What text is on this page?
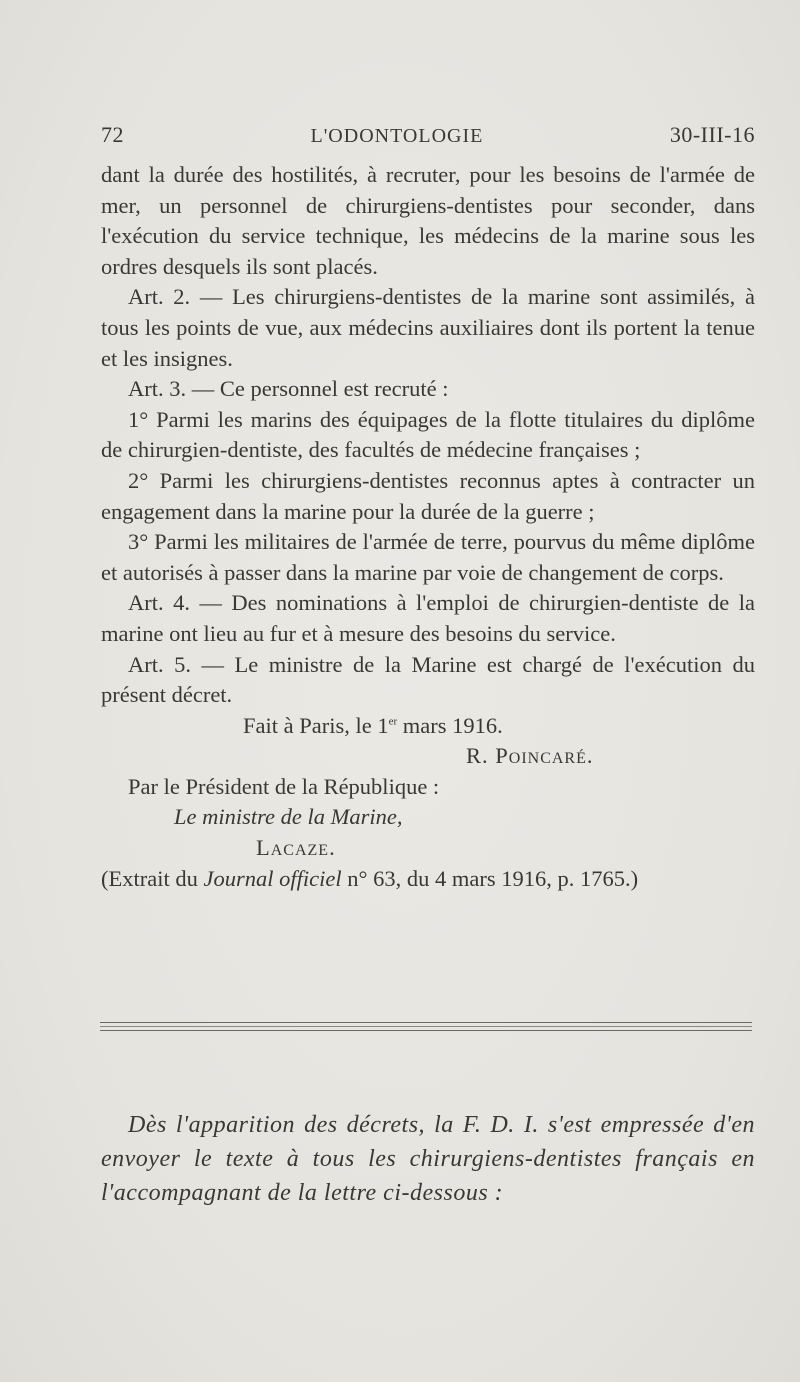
72	L'ODONTOLOGIE	30-III-16

dant la durée des hostilités, à recruter, pour les besoins de l'armée de mer, un personnel de chirurgiens-dentistes pour seconder, dans l'exécution du service technique, les médecins de la marine sous les ordres desquels ils sont placés.

Art. 2. — Les chirurgiens-dentistes de la marine sont assimilés, à tous les points de vue, aux médecins auxiliaires dont ils portent la tenue et les insignes.

Art. 3. — Ce personnel est recruté :

1° Parmi les marins des équipages de la flotte titulaires du diplôme de chirurgien-dentiste, des facultés de médecine françaises ;

2° Parmi les chirurgiens-dentistes reconnus aptes à contracter un engagement dans la marine pour la durée de la guerre ;

3° Parmi les militaires de l'armée de terre, pourvus du même diplôme et autorisés à passer dans la marine par voie de changement de corps.

Art. 4. — Des nominations à l'emploi de chirurgien-dentiste de la marine ont lieu au fur et à mesure des besoins du service.

Art. 5. — Le ministre de la Marine est chargé de l'exécution du présent décret.

Fait à Paris, le 1er mars 1916.

R. Poincaré.

Par le Président de la République :

Le ministre de la Marine,

Lacaze.

(Extrait du Journal officiel n° 63, du 4 mars 1916, p. 1765.)

Dès l'apparition des décrets, la F. D. I. s'est empressée d'en envoyer le texte à tous les chirurgiens-dentistes français en l'accompagnant de la lettre ci-dessous :
